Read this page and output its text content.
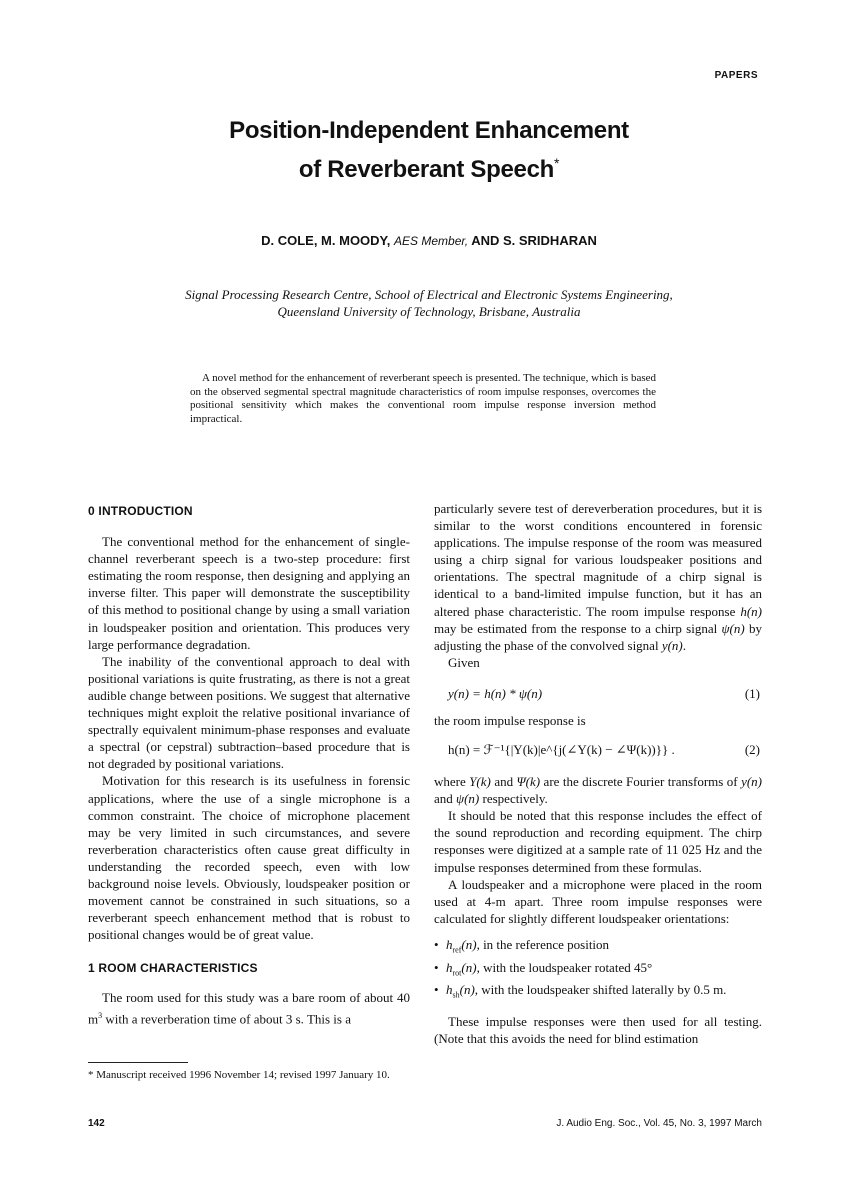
PAPERS
Position-Independent Enhancement
of Reverberant Speech*
D. COLE, M. MOODY, AES Member, AND S. SRIDHARAN
Signal Processing Research Centre, School of Electrical and Electronic Systems Engineering,
Queensland University of Technology, Brisbane, Australia
A novel method for the enhancement of reverberant speech is presented. The technique, which is based on the observed segmental spectral magnitude characteristics of room impulse responses, overcomes the positional sensitivity which makes the conventional room impulse response inversion method impractical.
0 INTRODUCTION

The conventional method for the enhancement of single-channel reverberant speech is a two-step procedure: first estimating the room response, then designing and applying an inverse filter. This paper will demonstrate the susceptibility of this method to positional change by using a small variation in loudspeaker position and orientation. This produces very large performance degradation.

The inability of the conventional approach to deal with positional variations is quite frustrating, as there is not a great audible change between positions. We suggest that alternative techniques might exploit the relative positional invariance of spectrally equivalent minimum-phase responses and evaluate a spectral (or cepstral) subtraction–based procedure that is not degraded by positional variations.

Motivation for this research is its usefulness in forensic applications, where the use of a single microphone is a common constraint. The choice of microphone placement may be very limited in such circumstances, and severe reverberation characteristics often cause great difficulty in understanding the recorded speech, even with low background noise levels. Obviously, loudspeaker position or movement cannot be constrained in such situations, so a reverberant speech enhancement method that is robust to positional changes would be of great value.

1 ROOM CHARACTERISTICS

The room used for this study was a bare room of about 40 $m^3$ with a reverberation time of about 3 s. This is a

* Manuscript received 1996 November 14; revised 1997 January 10.

particularly severe test of dereverberation procedures, but it is similar to the worst conditions encountered in forensic applications. The impulse response of the room was measured using a chirp signal for various loudspeaker positions and orientations. The spectral magnitude of a chirp signal is identical to a band-limited impulse function, but it has an altered phase characteristic. The room impulse response h(n) may be estimated from the response to a chirp signal ψ(n) by adjusting the phase of the convolved signal y(n).

Given

y(n) = h(n) * ψ(n)	(1)

the room impulse response is

h(n) = ℱ⁻¹{|Y(k)|e^{j(∠Y(k) − ∠Ψ(k))}} .	(2)

where Y(k) and Ψ(k) are the discrete Fourier transforms of y(n) and ψ(n) respectively.

It should be noted that this response includes the effect of the sound reproduction and recording equipment. The chirp responses were digitized at a sample rate of 11 025 Hz and the impulse responses determined from these formulas.

A loudspeaker and a microphone were placed in the room used at 4-m apart. Three room impulse responses were calculated for slightly different loudspeaker orientations:

• $h_{ref}(n)$, in the reference position
• $h_{rot}(n)$, with the loudspeaker rotated 45°
• $h_{sh}(n)$, with the loudspeaker shifted laterally by 0.5 m.

These impulse responses were then used for all testing. (Note that this avoids the need for blind estimation

142	J. Audio Eng. Soc., Vol. 45, No. 3, 1997 March
